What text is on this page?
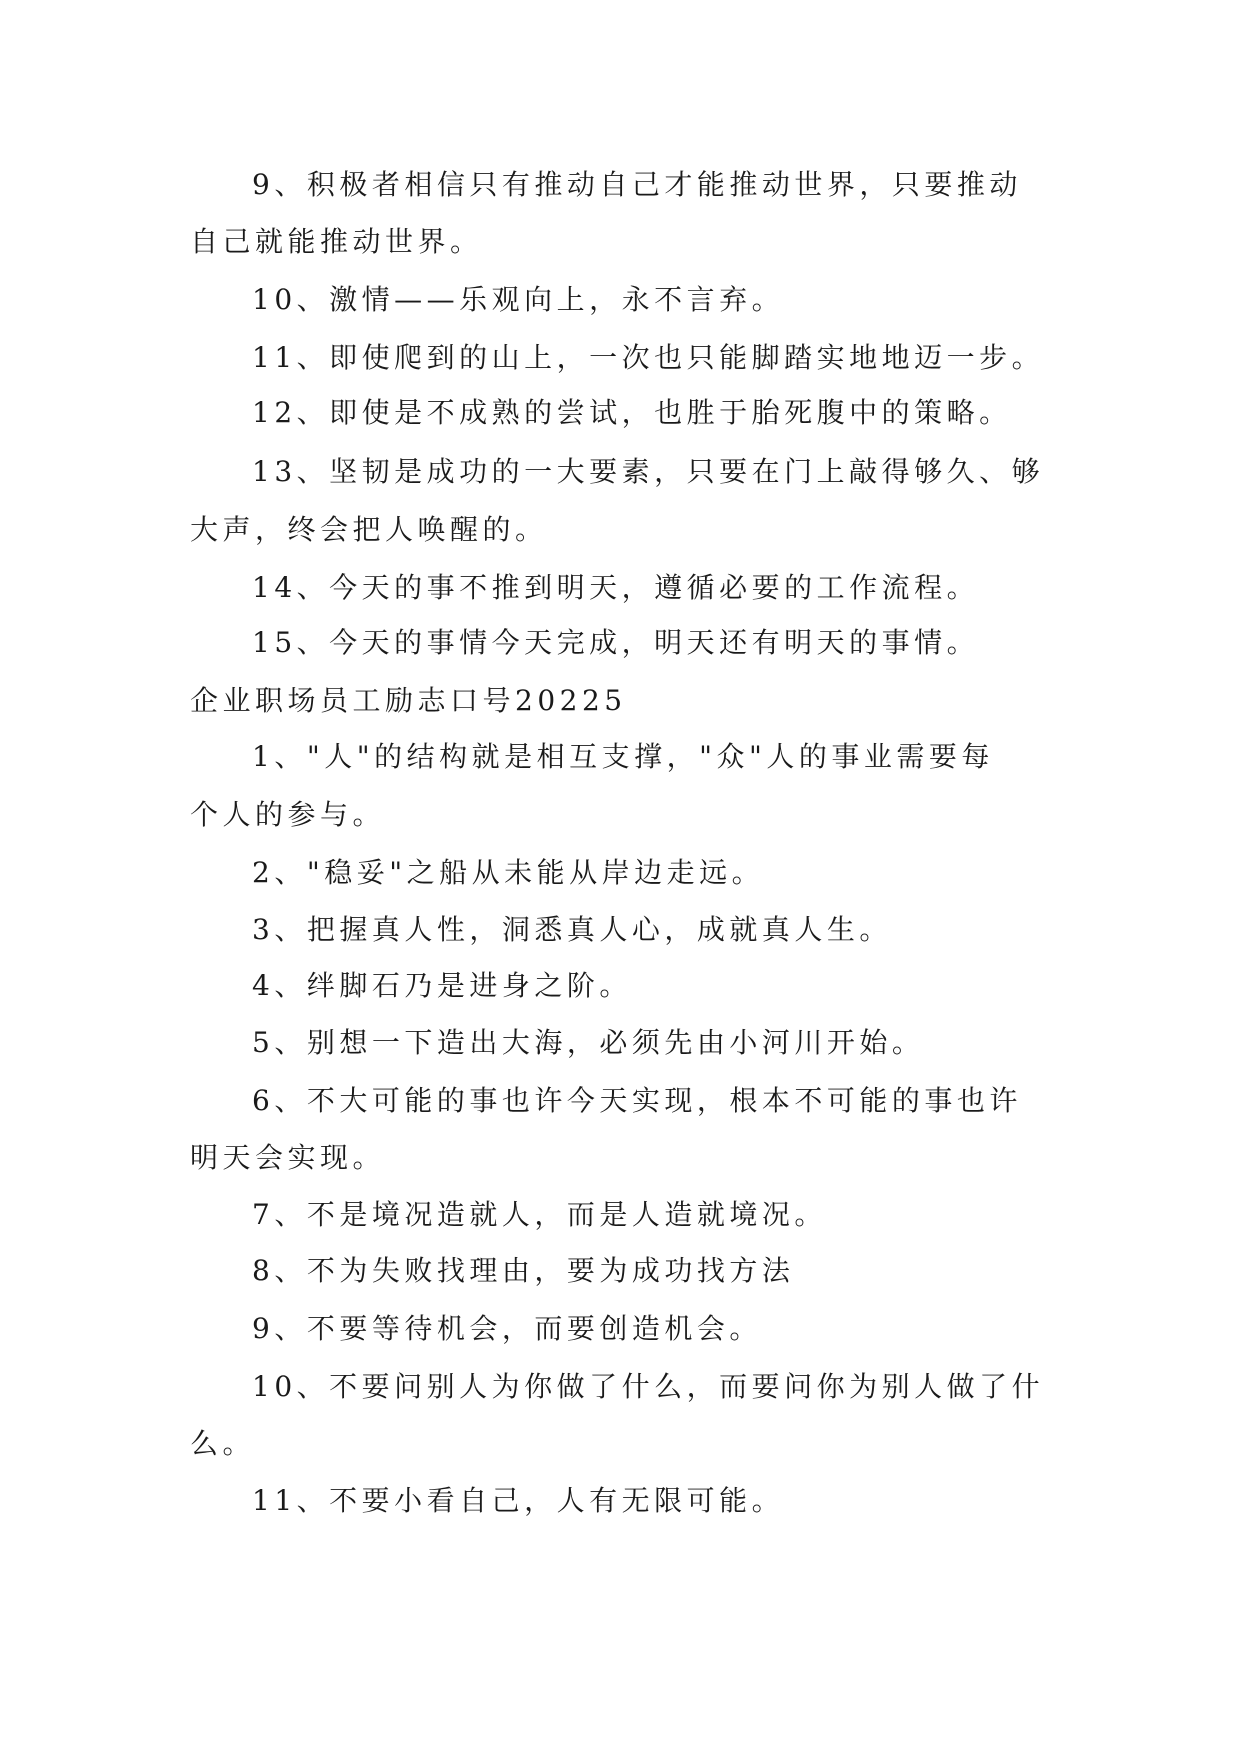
9、积极者相信只有推动自己才能推动世界，只要推动
自己就能推动世界。
10、激情——乐观向上，永不言弃。
11、即使爬到的山上，一次也只能脚踏实地地迈一步。
12、即使是不成熟的尝试，也胜于胎死腹中的策略。
13、坚韧是成功的一大要素，只要在门上敲得够久、够
大声，终会把人唤醒的。
14、今天的事不推到明天，遵循必要的工作流程。
15、今天的事情今天完成，明天还有明天的事情。
企业职场员工励志口号20225
1、"人"的结构就是相互支撑，"众"人的事业需要每
个人的参与。
2、"稳妥"之船从未能从岸边走远。
3、把握真人性，洞悉真人心，成就真人生。
4、绊脚石乃是进身之阶。
5、别想一下造出大海，必须先由小河川开始。
6、不大可能的事也许今天实现，根本不可能的事也许
明天会实现。
7、不是境况造就人，而是人造就境况。
8、不为失败找理由，要为成功找方法
9、不要等待机会，而要创造机会。
10、不要问别人为你做了什么，而要问你为别人做了什
么。
11、不要小看自己，人有无限可能。
